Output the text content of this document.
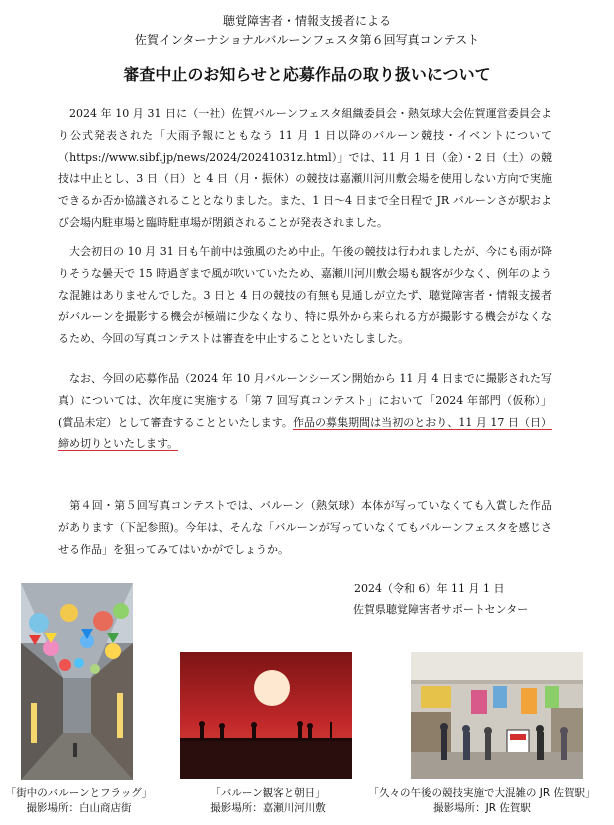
聴覚障害者・情報支援者による
佐賀インターナショナルバルーンフェスタ第６回写真コンテスト
審査中止のお知らせと応募作品の取り扱いについて

2024 年 10 月 31 日に（一社）佐賀バルーンフェスタ組織委員会・熱気球大会佐賀運営委員会より公式発表された「大雨予報にともなう 11 月 1 日以降のバルーン競技・イベントについて（https://www.sibf.jp/news/2024/20241031z.html）」では、11 月 1 日（金）・2 日（土）の競技は中止とし、3 日（日）と 4 日（月・振休）の競技は嘉瀬川河川敷会場を使用しない方向で実施できるか否か協議されることとなりました。また、1 日～4 日まで全日程で JR バルーンさが駅および会場内駐車場と臨時駐車場が閉鎖されることが発表されました。

大会初日の 10 月 31 日も午前中は強風のため中止。午後の競技は行われましたが、今にも雨が降りそうな曇天で 15 時過ぎまで風が吹いていたため、嘉瀬川河川敷会場も観客が少なく、例年のような混雑はありませんでした。3 日と 4 日の競技の有無も見通しが立たず、聴覚障害者・情報支援者がバルーンを撮影する機会が極端に少なくなり、特に県外から来られる方が撮影する機会がなくなるため、今回の写真コンテストは審査を中止することといたしました。

なお、今回の応募作品（2024 年 10 月バルーンシーズン開始から 11 月 4 日までに撮影された写真）については、次年度に実施する「第 7 回写真コンテスト」において「2024 年部門（仮称）」(賞品未定）として審査することといたします。作品の募集期間は当初のとおり、11 月 17 日（日）締め切りといたします。

第４回・第５回写真コンテストでは、バルーン（熱気球）本体が写っていなくても入賞した作品があります（下記参照)。今年は、そんな「バルーンが写っていなくてもバルーンフェスタを感じさせる作品」を狙ってみてはいかがでしょうか。

2024（令和 6）年 11 月 1 日
佐賀県聴覚障害者サポートセンター
「街中のバルーンとフラッグ」
撮影場所：白山商店街
「バルーン観客と朝日」
撮影場所：嘉瀬川河川敷
「久々の午後の競技実施で大混雑の JR 佐賀駅」
撮影場所：JR 佐賀駅
